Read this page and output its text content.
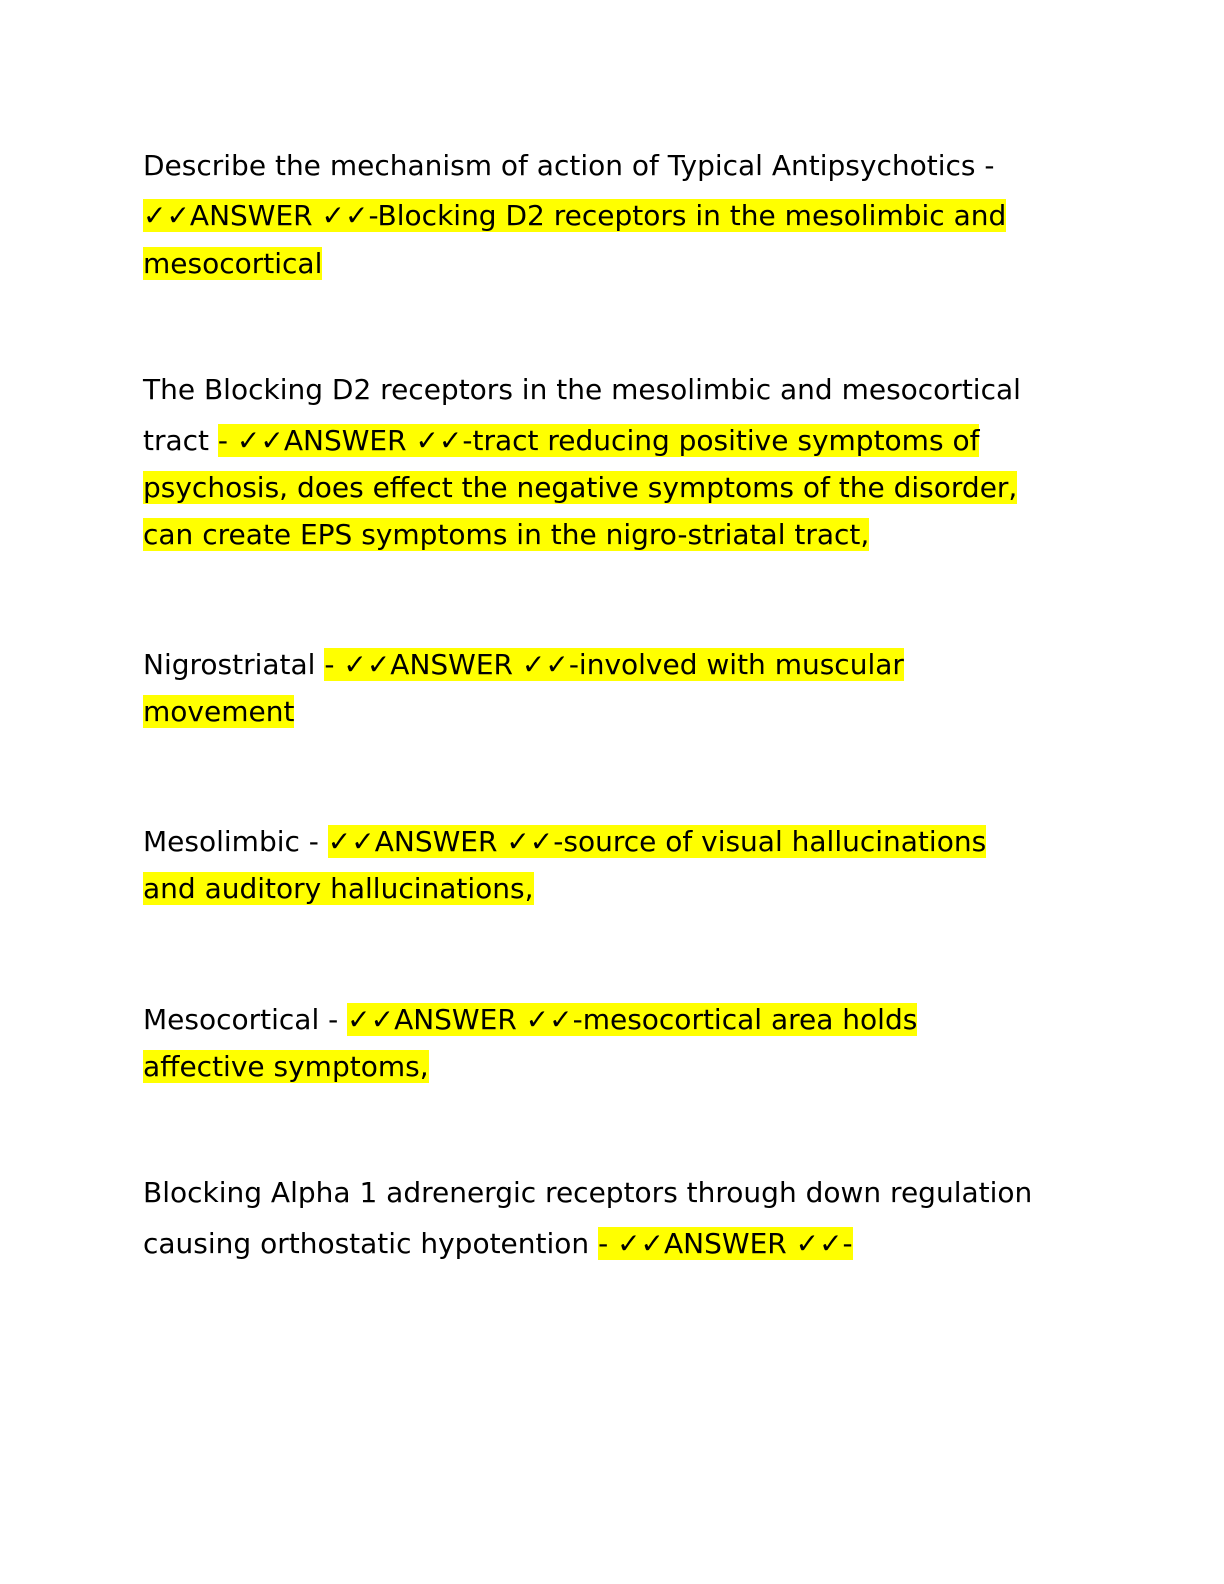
Describe the mechanism of action of Typical Antipsychotics -
✓✓ANSWER ✓✓-Blocking D2 receptors in the mesolimbic and
mesocortical
The Blocking D2 receptors in the mesolimbic and mesocortical
tract - ✓✓ANSWER ✓✓-tract reducing positive symptoms of
psychosis, does effect the negative symptoms of the disorder,
can create EPS symptoms in the nigro-striatal tract,
Nigrostriatal - ✓✓ANSWER ✓✓-involved with muscular
movement
Mesolimbic - ✓✓ANSWER ✓✓-source of visual hallucinations
and auditory hallucinations,
Mesocortical - ✓✓ANSWER ✓✓-mesocortical area holds
affective symptoms,
Blocking Alpha 1 adrenergic receptors through down regulation
causing orthostatic hypotention - ✓✓ANSWER ✓✓-
